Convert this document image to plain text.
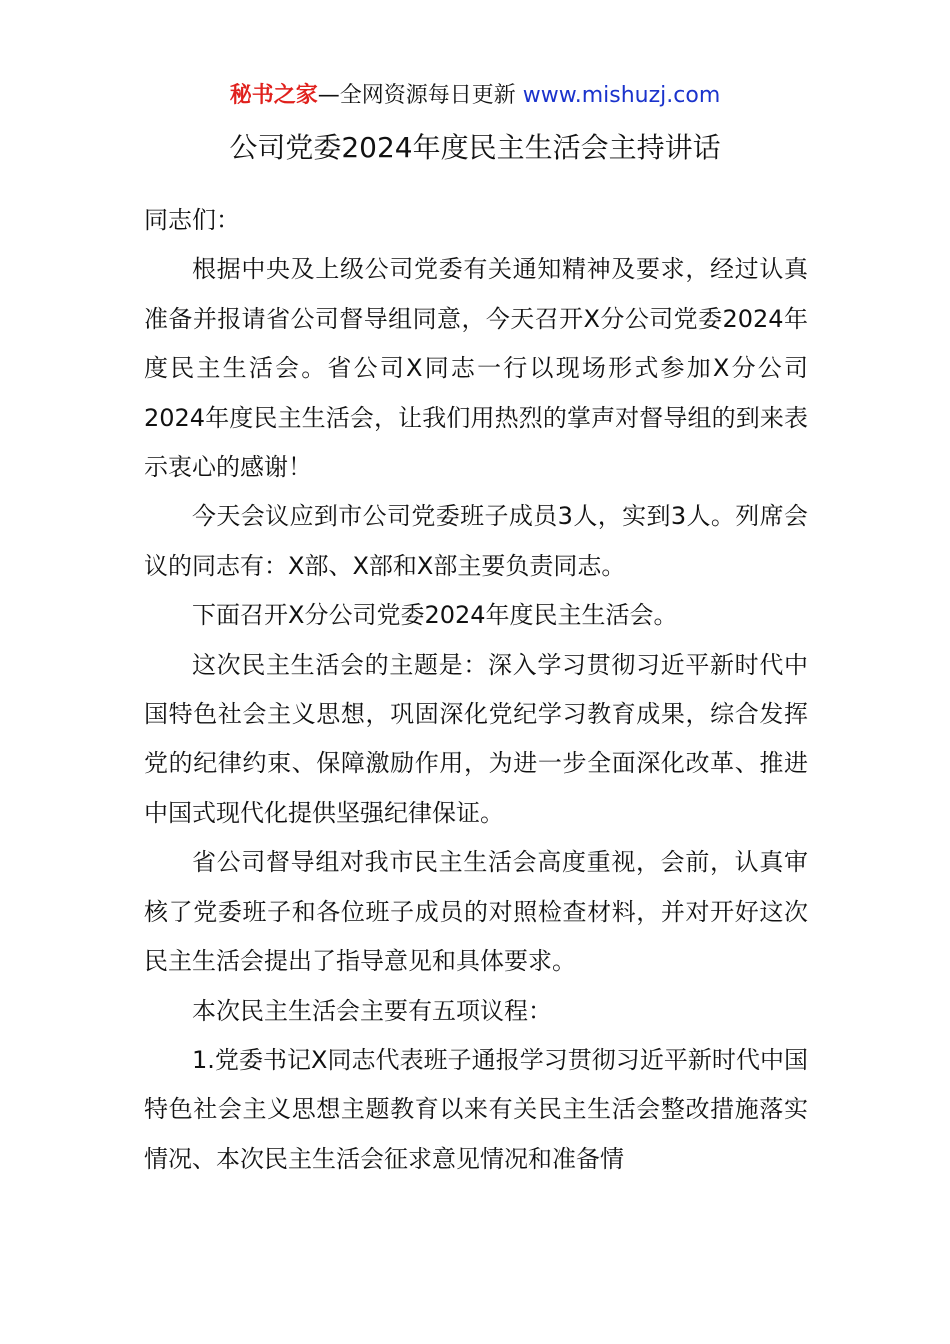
秘书之家—全网资源每日更新 www.mishuzj.com
公司党委2024年度民主生活会主持讲话

同志们：

根据中央及上级公司党委有关通知精神及要求，经过认真准备并报请省公司督导组同意，今天召开X分公司党委2024年度民主生活会。省公司X同志一行以现场形式参加X分公司2024年度民主生活会，让我们用热烈的掌声对督导组的到来表示衷心的感谢！

今天会议应到市公司党委班子成员3人，实到3人。列席会议的同志有：X部、X部和X部主要负责同志。

下面召开X分公司党委2024年度民主生活会。

这次民主生活会的主题是：深入学习贯彻习近平新时代中国特色社会主义思想，巩固深化党纪学习教育成果，综合发挥党的纪律约束、保障激励作用，为进一步全面深化改革、推进中国式现代化提供坚强纪律保证。

省公司督导组对我市民主生活会高度重视，会前，认真审核了党委班子和各位班子成员的对照检查材料，并对开好这次民主生活会提出了指导意见和具体要求。

本次民主生活会主要有五项议程：

1.党委书记X同志代表班子通报学习贯彻习近平新时代中国特色社会主义思想主题教育以来有关民主生活会整改措施落实情况、本次民主生活会征求意见情况和准备情
